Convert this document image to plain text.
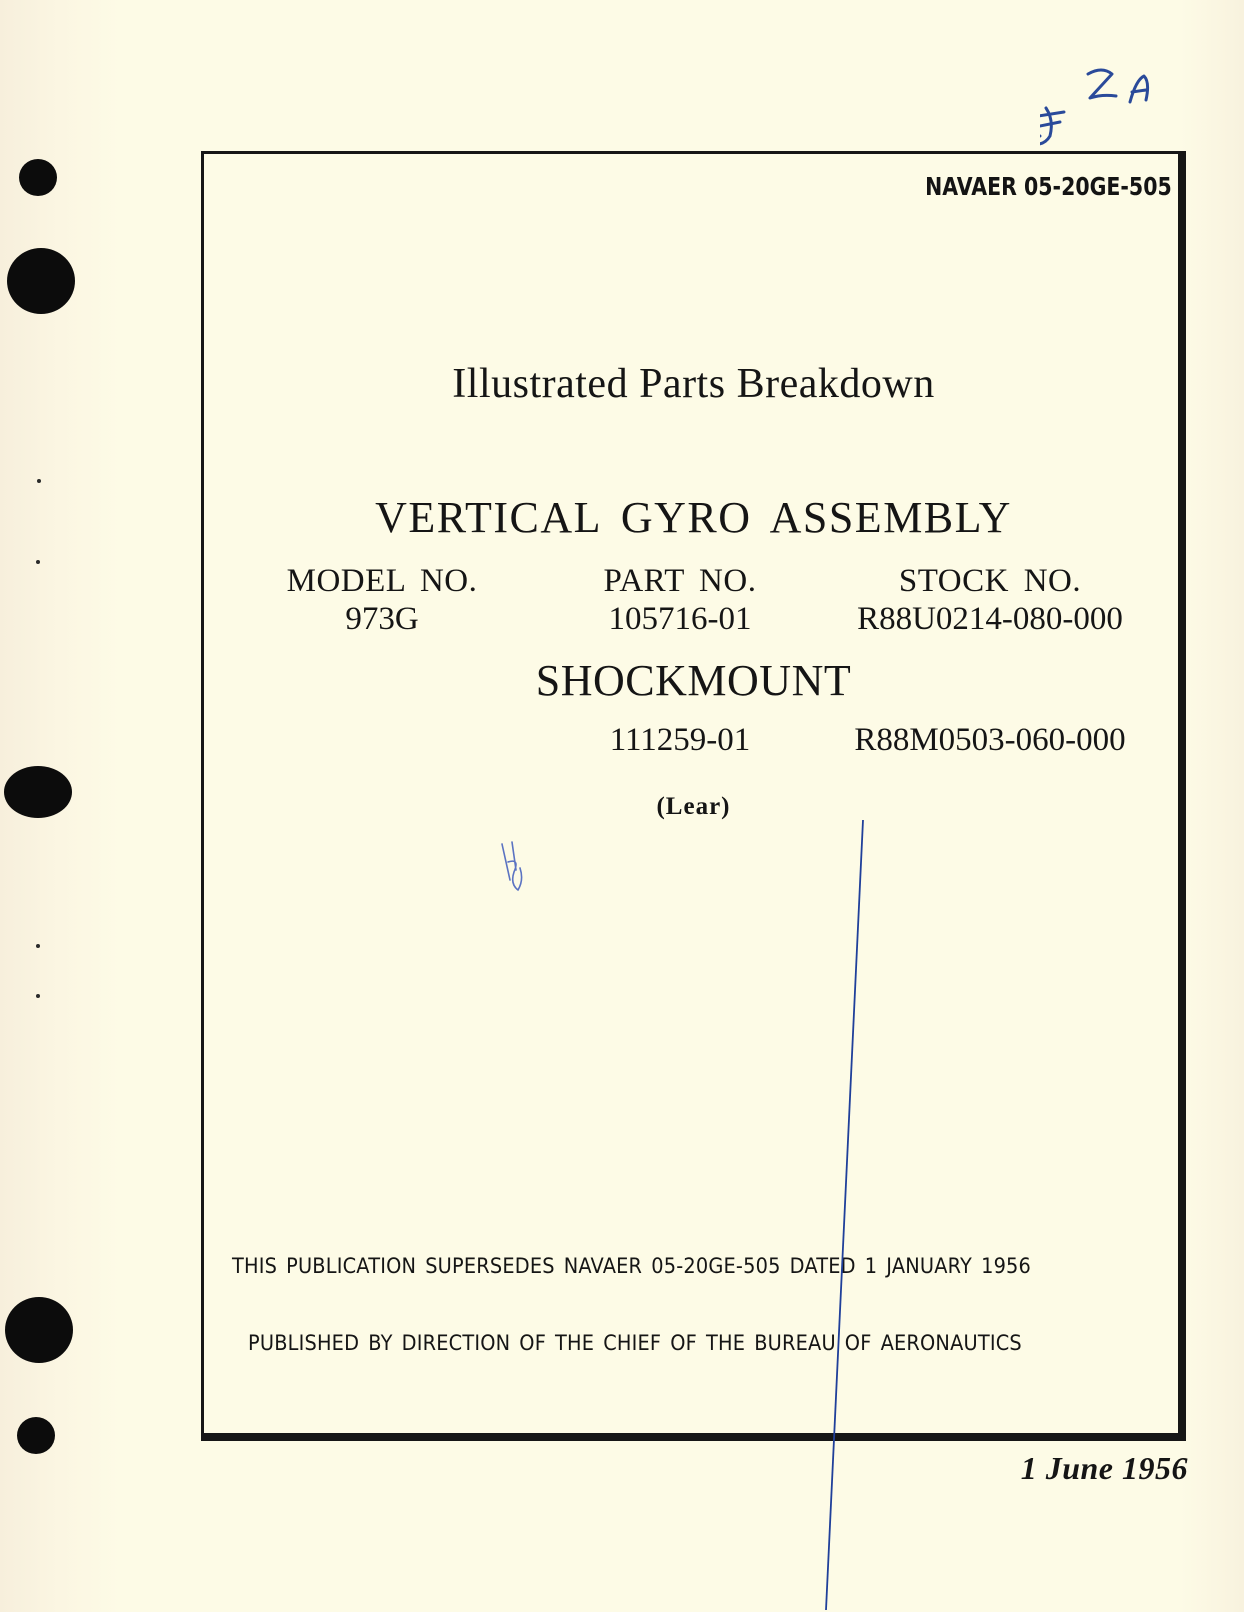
NAVAER 05-20GE-505
Illustrated Parts Breakdown
VERTICAL GYRO ASSEMBLY
MODEL NO.
973G
PART NO.
105716-01
STOCK NO.
R88U0214-080-000
SHOCKMOUNT
111259-01	R88M0503-060-000
(Lear)
THIS PUBLICATION SUPERSEDES NAVAER 05-20GE-505 DATED 1 JANUARY 1956
PUBLISHED BY DIRECTION OF THE CHIEF OF THE BUREAU OF AERONAUTICS
1 June 1956
